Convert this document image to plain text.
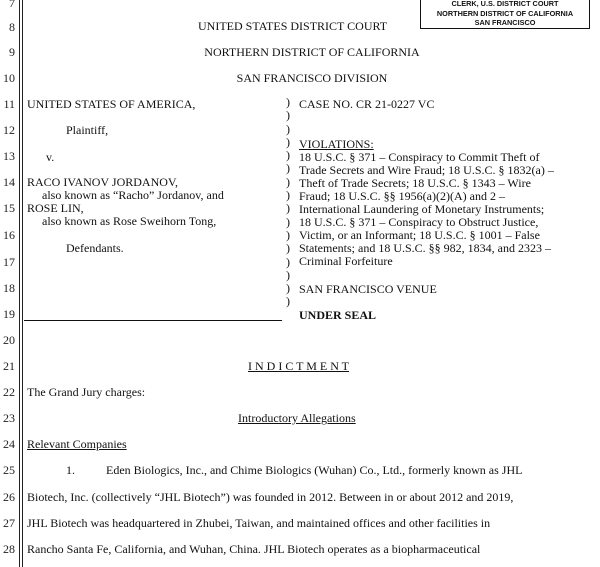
7
8
9
10
11
12
13
14
15
16
17
18
19
20
21
22
23
24
25
26
27
28
CLERK, U.S. DISTRICT COURT
NORTHERN DISTRICT OF CALIFORNIA
SAN FRANCISCO
UNITED STATES DISTRICT COURT
NORTHERN DISTRICT OF CALIFORNIA
SAN FRANCISCO DIVISION
UNITED STATES OF AMERICA,
Plaintiff,
v.
RACO IVANOV JORDANOV,
also known as “Racho” Jordanov, and
ROSE LIN,
also known as Rose Sweihorn Tong,
Defendants.
)
)
)
)
)
)
)
)
)
)
)
)
)
)
)
)
CASE NO. CR 21-0227 VC
VIOLATIONS:
18 U.S.C. § 371 – Conspiracy to Commit Theft of
Trade Secrets and Wire Fraud; 18 U.S.C. § 1832(a) –
Theft of Trade Secrets; 18 U.S.C. § 1343 – Wire
Fraud; 18 U.S.C. §§ 1956(a)(2)(A) and 2 –
International Laundering of Monetary Instruments;
18 U.S.C. § 371 – Conspiracy to Obstruct Justice,
Victim, or an Informant; 18 U.S.C. § 1001 – False
Statements; and 18 U.S.C. §§ 982, 1834, and 2323 –
Criminal Forfeiture
SAN FRANCISCO VENUE
UNDER SEAL
I N D I C T M E N T
The Grand Jury charges:
Introductory Allegations
Relevant Companies
1.	Eden Biologics, Inc., and Chime Biologics (Wuhan) Co., Ltd., formerly known as JHL
Biotech, Inc. (collectively “JHL Biotech”) was founded in 2012. Between in or about 2012 and 2019,
JHL Biotech was headquartered in Zhubei, Taiwan, and maintained offices and other facilities in
Rancho Santa Fe, California, and Wuhan, China. JHL Biotech operates as a biopharmaceutical
